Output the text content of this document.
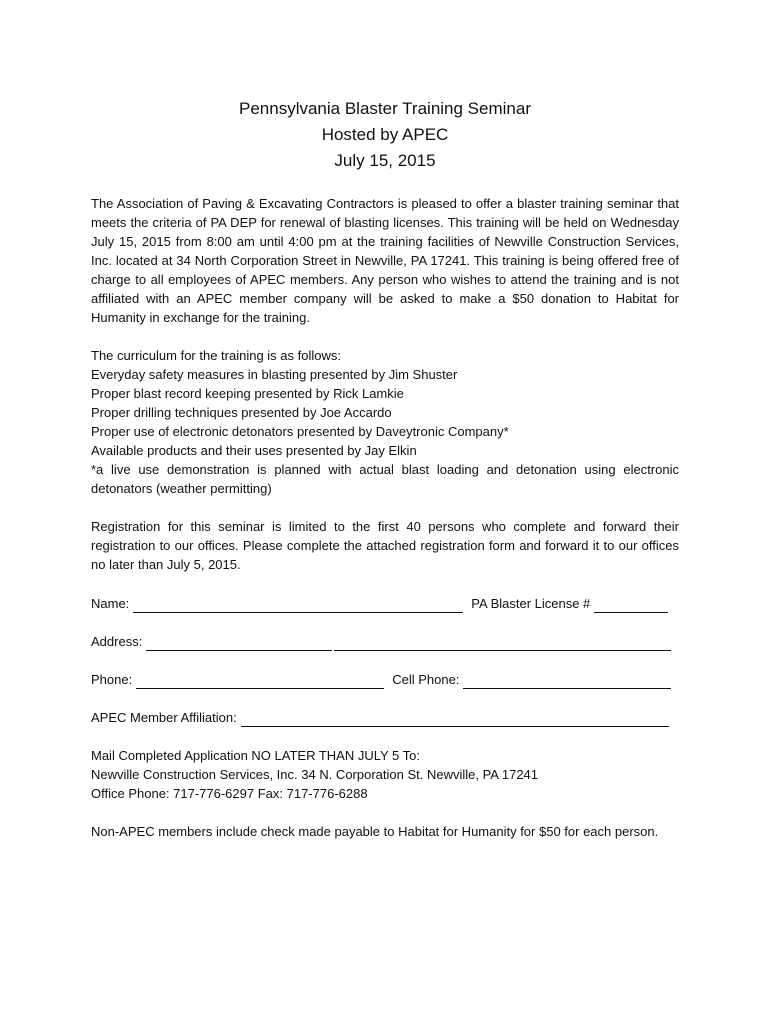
Pennsylvania Blaster Training Seminar
Hosted by APEC
July 15, 2015

The Association of Paving & Excavating Contractors is pleased to offer a blaster training seminar that meets the criteria of PA DEP for renewal of blasting licenses. This training will be held on Wednesday July 15, 2015 from 8:00 am until 4:00 pm at the training facilities of Newville Construction Services, Inc. located at 34 North Corporation Street in Newville, PA 17241. This training is being offered free of charge to all employees of APEC members. Any person who wishes to attend the training and is not affiliated with an APEC member company will be asked to make a $50 donation to Habitat for Humanity in exchange for the training.

The curriculum for the training is as follows:
Everyday safety measures in blasting presented by Jim Shuster
Proper blast record keeping presented by Rick Lamkie
Proper drilling techniques presented by Joe Accardo
Proper use of electronic detonators presented by Daveytronic Company*
Available products and their uses presented by Jay Elkin
*a live use demonstration is planned with actual blast loading and detonation using electronic detonators (weather permitting)

Registration for this seminar is limited to the first 40 persons who complete and forward their registration to our offices. Please complete the attached registration form and forward it to our offices no later than July 5, 2015.

Name:	PA Blaster License #
Address:
Phone:	Cell Phone:
APEC Member Affiliation:
Mail Completed Application NO LATER THAN JULY 5 To:
Newville Construction Services, Inc. 34 N. Corporation St. Newville, PA 17241
Office Phone: 717-776-6297 Fax: 717-776-6288

Non-APEC members include check made payable to Habitat for Humanity for $50 for each person.
